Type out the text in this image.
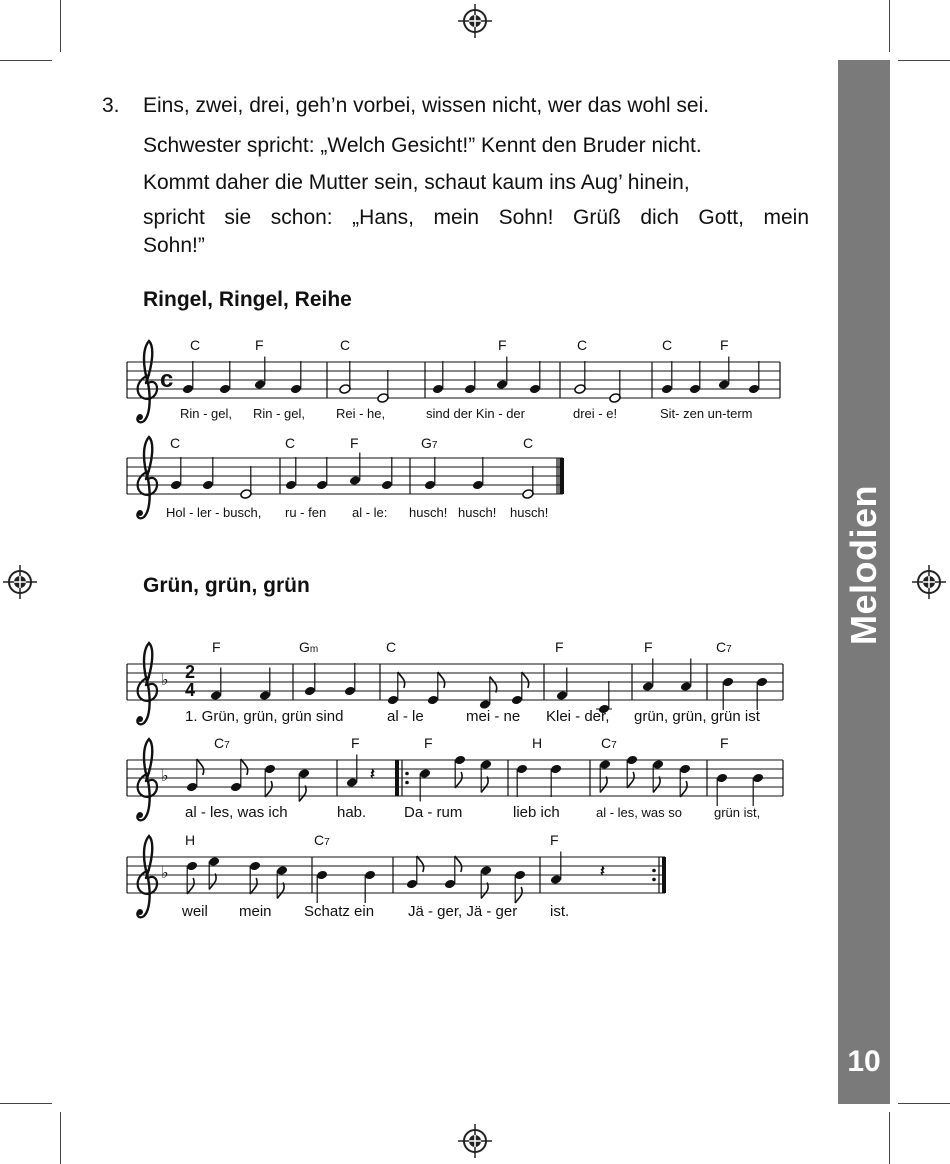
Melodien
10
3. Eins, zwei, drei, geh’n vorbei, wissen nicht, wer das wohl sei.
Schwester spricht: „Welch Gesicht!” Kennt den Bruder nicht.
Kommt daher die Mutter sein, schaut kaum ins Aug’ hinein,
spricht sie schon: „Hans, mein Sohn! Grüß dich Gott, mein
Sohn!”
Ringel, Ringel, Reihe
Grün, grün, grün
C	F	C	F	C	C	F
c
Rin - gel, Rin - gel, Rei - he,	sind der Kin - der	drei - e!	Sit- zen un-term
C	C	F	G7	C
Hol - ler - busch, ru - fen al - le: husch! husch! husch!
F	Gm	C	F	F	C7
♭ 2
4
1. Grün, grün, grün sind	al - le	mei - ne Klei - der, grün, grün, grün ist
C7	F	F	H	C7	F
♭	𝄽
al - les, was ich	hab.	Da - rum	lieb ich	al - les, was so grün ist,
H	C7	F
♭	𝄽
weil mein Schatz ein Jä - ger, Jä - ger ist.
